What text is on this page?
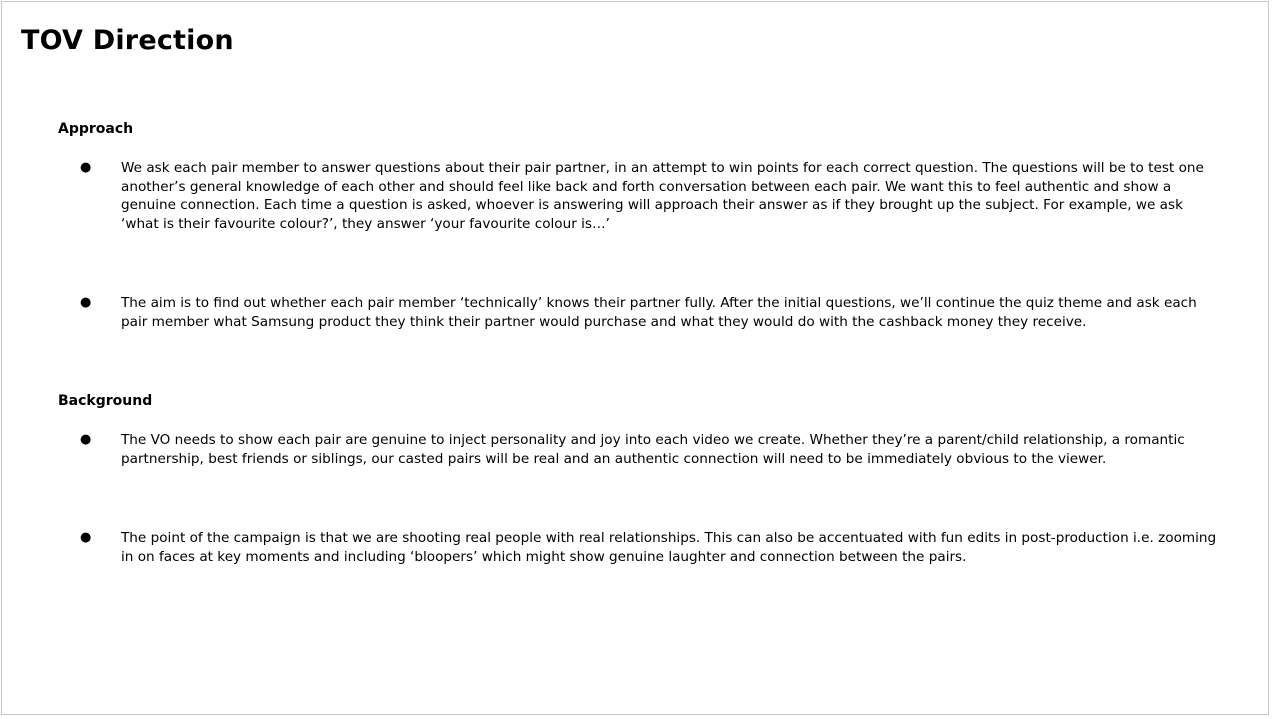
TOV Direction
Approach
●	We ask each pair member to answer questions about their pair partner, in an attempt to win points for each correct question. The questions will be to test one another’s general knowledge of each other and should feel like back and forth conversation between each pair. We want this to feel authentic and show a genuine connection. Each time a question is asked, whoever is answering will approach their answer as if they brought up the subject. For example, we ask ‘what is their favourite colour?’, they answer ‘your favourite colour is…’

●	The aim is to find out whether each pair member ‘technically’ knows their partner fully. After the initial questions, we’ll continue the quiz theme and ask each pair member what Samsung product they think their partner would purchase and what they would do with the cashback money they receive.

Background
●	The VO needs to show each pair are genuine to inject personality and joy into each video we create. Whether they’re a parent/child relationship, a romantic partnership, best friends or siblings, our casted pairs will be real and an authentic connection will need to be immediately obvious to the viewer.

●	The point of the campaign is that we are shooting real people with real relationships. This can also be accentuated with fun edits in post-production i.e. zooming in on faces at key moments and including ‘bloopers’ which might show genuine laughter and connection between the pairs.
